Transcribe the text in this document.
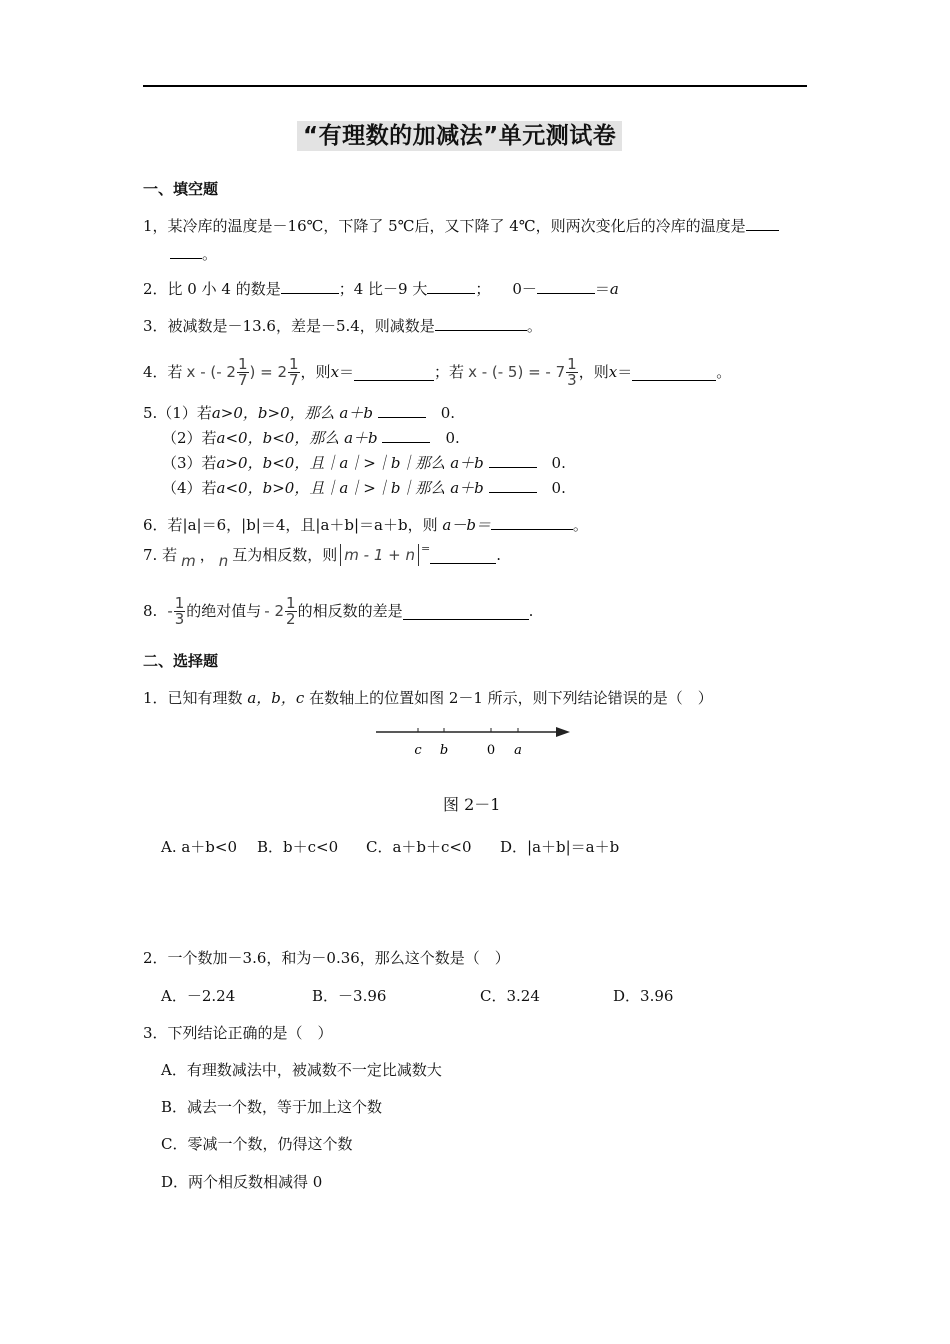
“有理数的加减法”单元测试卷
一、填空题
1，某冷库的温度是－16℃，下降了 5℃后，又下降了 4℃，则两次变化后的冷库的温度是
。
2．比 0 小 4 的数是	；4 比－9 大	； 0－	＝a
3．被减数是－13.6，差是－5.4，则减数是	。
4．若 x - (- $2 \frac{1}{7}$ ) = $2 \frac{1}{7}$ ，则 x ＝	；若 x - (- 5) = - $7 \frac{1}{3}$ ，则 x ＝	。
5.（1）若a>0，b>0，那么 a＋b 　	0.
（2）若a<0，b<0，那么 a＋b 　	0.
（3）若a>0，b<0，且｜a｜>｜b｜那么 a＋b 　	0.
（4）若a<0，b>0，且｜a｜>｜b｜那么 a＋b 　	0.
6．若|a|＝6，|b|＝4，且|a＋b|＝a＋b，则 a－b＝	。
7. 若 m ， n 互为相反数，则 m - 1 + n =	.
8. - $\frac{1}{3}$ 的绝对值与 - $2 \frac{1}{2}$ 的相反数的差是	.
二、选择题
1．已知有理数 a，b，c 在数轴上的位置如图 2－1 所示，则下列结论错误的是（　）
c b	0 a
图 2－1
A. a＋b<0 B．b＋c<0 C．a＋b＋c<0 D．|a＋b|＝a＋b
2．一个数加－3.6，和为－0.36，那么这个数是（　）
A．－2.24	B．－3.96	C．3.24	D．3.96
3．下列结论正确的是（　）
A．有理数减法中，被减数不一定比减数大
B．减去一个数，等于加上这个数
C．零减一个数，仍得这个数
D．两个相反数相减得 0
